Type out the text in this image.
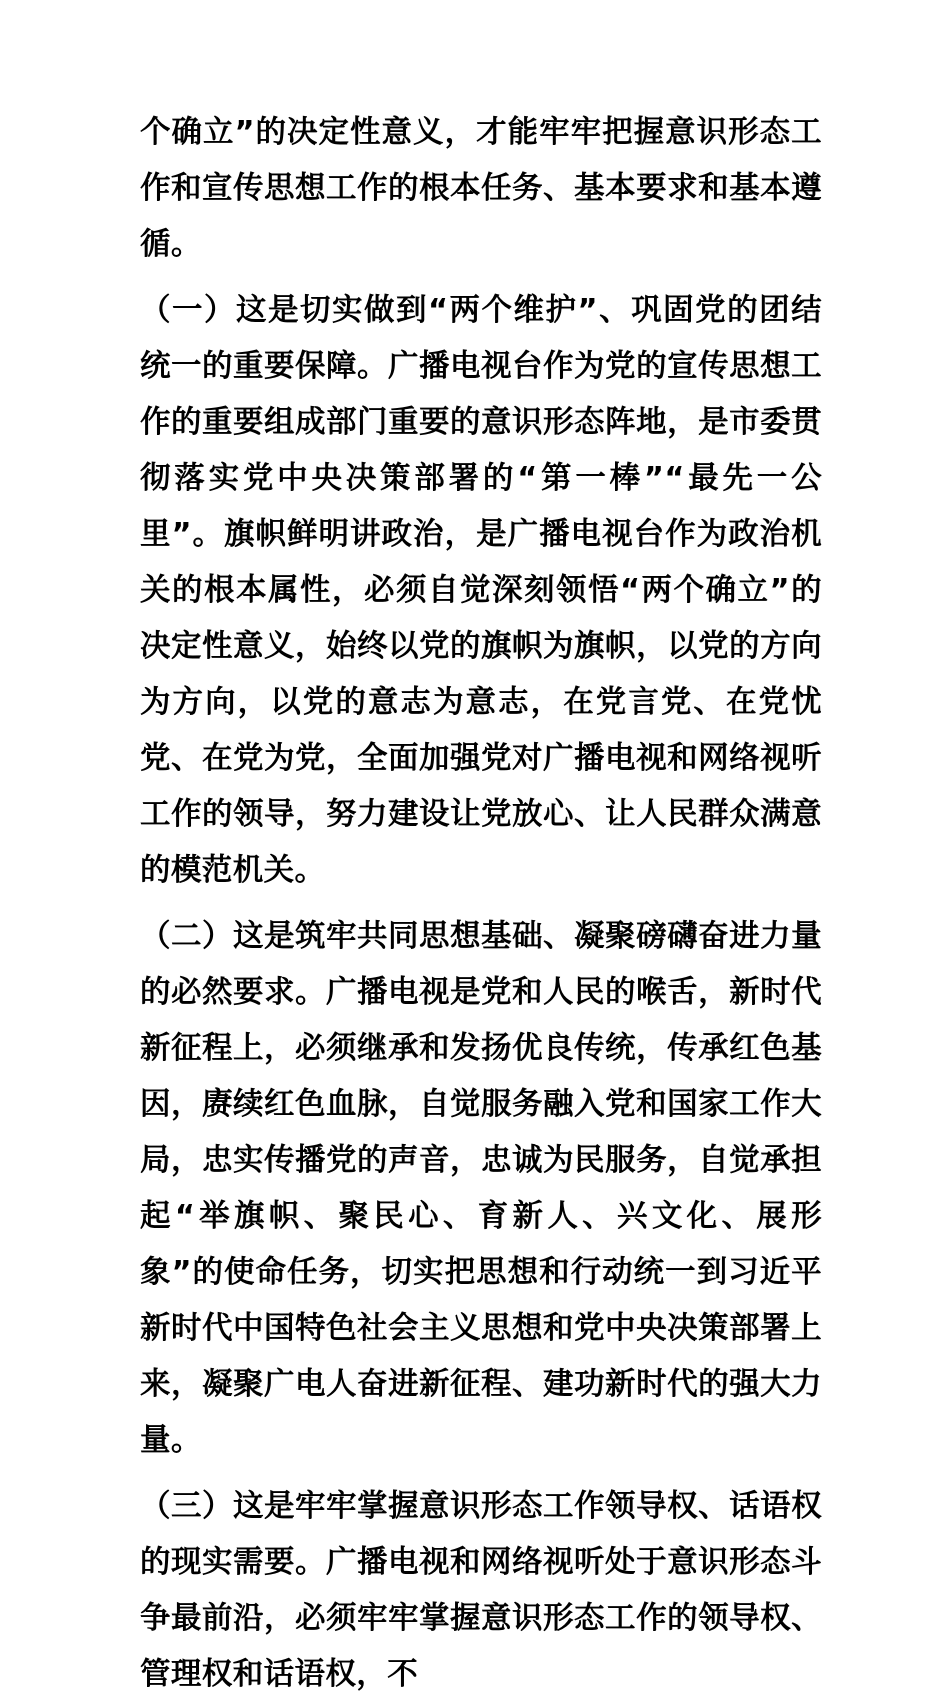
个确立”的决定性意义，才能牢牢把握意识形态工作和宣传思想工作的根本任务、基本要求和基本遵循。

（一）这是切实做到“两个维护”、巩固党的团结统一的重要保障。广播电视台作为党的宣传思想工作的重要组成部门重要的意识形态阵地，是市委贯彻落实党中央决策部署的“第一棒”“最先一公里”。旗帜鲜明讲政治，是广播电视台作为政治机关的根本属性，必须自觉深刻领悟“两个确立”的决定性意义，始终以党的旗帜为旗帜，以党的方向为方向，以党的意志为意志，在党言党、在党忧党、在党为党，全面加强党对广播电视和网络视听工作的领导，努力建设让党放心、让人民群众满意的模范机关。

（二）这是筑牢共同思想基础、凝聚磅礴奋进力量的必然要求。广播电视是党和人民的喉舌，新时代新征程上，必须继承和发扬优良传统，传承红色基因，赓续红色血脉，自觉服务融入党和国家工作大局，忠实传播党的声音，忠诚为民服务，自觉承担起“举旗帜、聚民心、育新人、兴文化、展形象”的使命任务，切实把思想和行动统一到习近平新时代中国特色社会主义思想和党中央决策部署上来，凝聚广电人奋进新征程、建功新时代的强大力量。

（三）这是牢牢掌握意识形态工作领导权、话语权的现实需要。广播电视和网络视听处于意识形态斗争最前沿，必须牢牢掌握意识形态工作的领导权、管理权和话语权，不
